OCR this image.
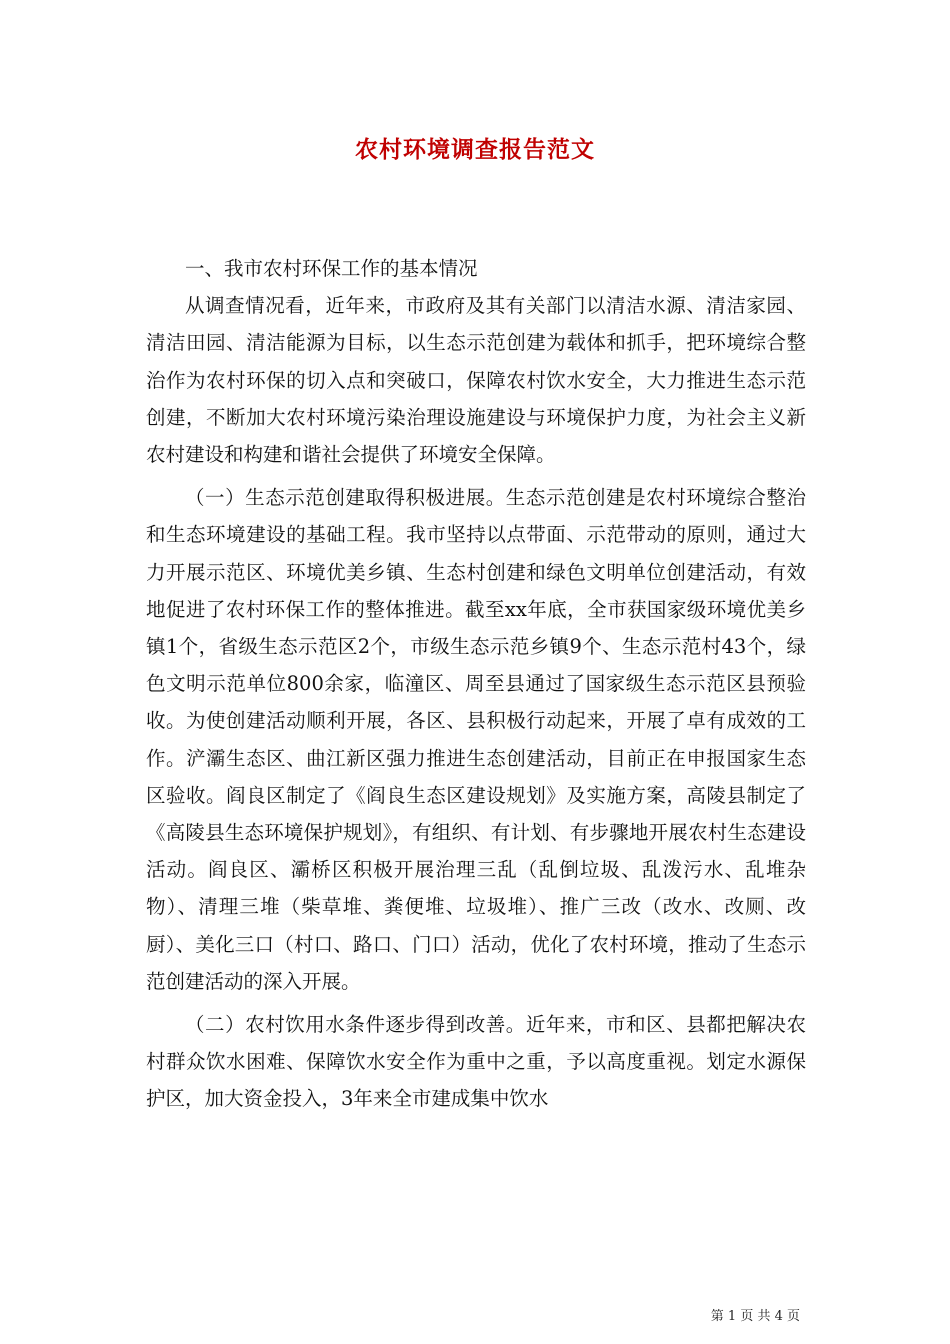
农村环境调查报告范文

一、我市农村环保工作的基本情况

从调查情况看，近年来，市政府及其有关部门以清洁水源、清洁家园、清洁田园、清洁能源为目标，以生态示范创建为载体和抓手，把环境综合整治作为农村环保的切入点和突破口，保障农村饮水安全，大力推进生态示范创建，不断加大农村环境污染治理设施建设与环境保护力度，为社会主义新农村建设和构建和谐社会提供了环境安全保障。

（一）生态示范创建取得积极进展。生态示范创建是农村环境综合整治和生态环境建设的基础工程。我市坚持以点带面、示范带动的原则，通过大力开展示范区、环境优美乡镇、生态村创建和绿色文明单位创建活动，有效地促进了农村环保工作的整体推进。截至xx年底，全市获国家级环境优美乡镇1个，省级生态示范区2个，市级生态示范乡镇9个、生态示范村43个，绿色文明示范单位800余家，临潼区、周至县通过了国家级生态示范区县预验收。为使创建活动顺利开展，各区、县积极行动起来，开展了卓有成效的工作。浐灞生态区、曲江新区强力推进生态创建活动，目前正在申报国家生态区验收。阎良区制定了《阎良生态区建设规划》及实施方案，高陵县制定了《高陵县生态环境保护规划》，有组织、有计划、有步骤地开展农村生态建设活动。阎良区、灞桥区积极开展治理三乱（乱倒垃圾、乱泼污水、乱堆杂物）、清理三堆（柴草堆、粪便堆、垃圾堆）、推广三改（改水、改厕、改厨）、美化三口（村口、路口、门口）活动，优化了农村环境，推动了生态示范创建活动的深入开展。

（二）农村饮用水条件逐步得到改善。近年来，市和区、县都把解决农村群众饮水困难、保障饮水安全作为重中之重，予以高度重视。划定水源保护区，加大资金投入，3年来全市建成集中饮水

第 1 页 共 4 页
